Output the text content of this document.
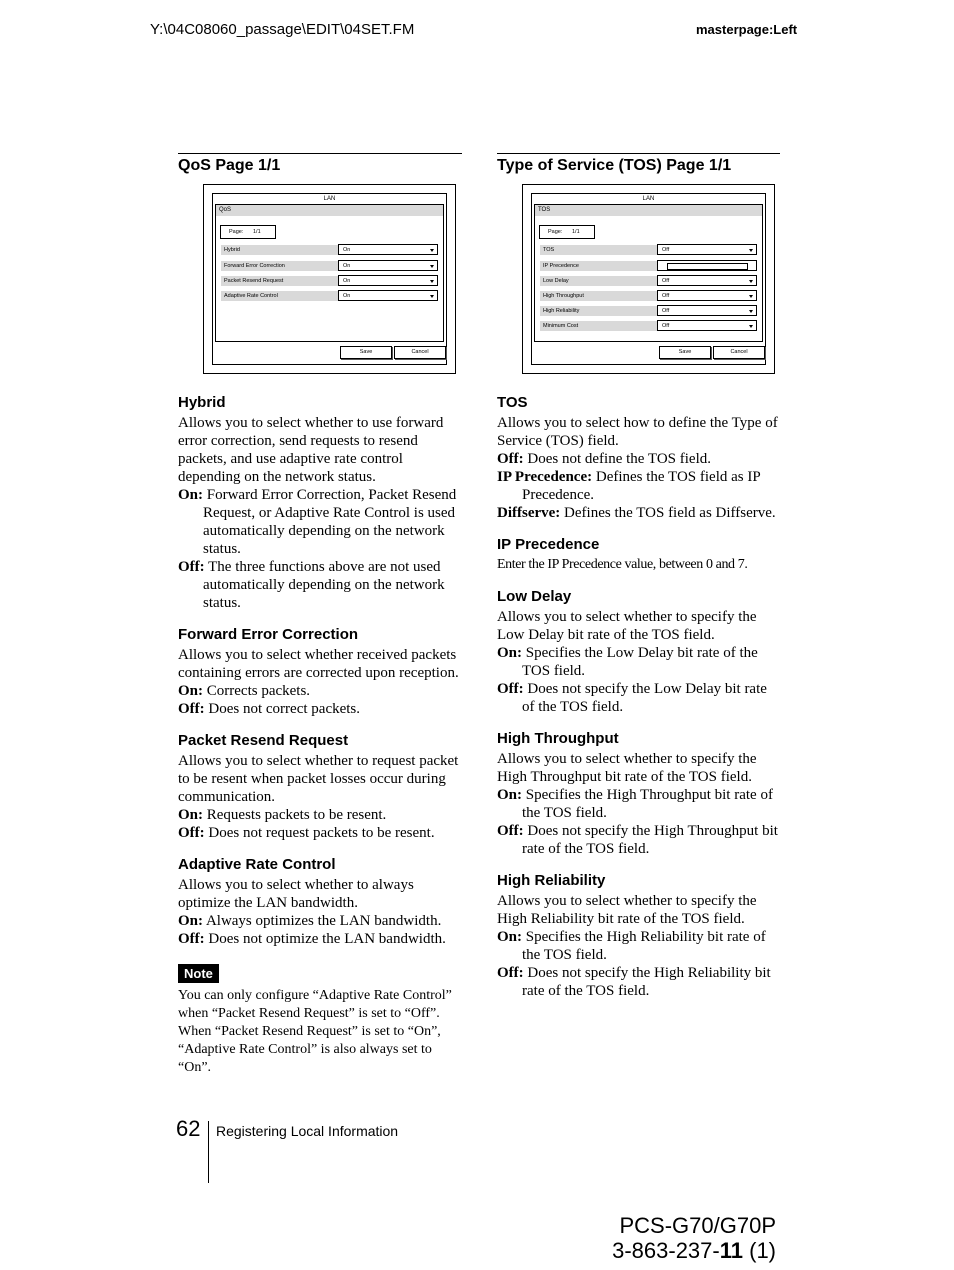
Y:\04C08060_passage\EDIT\04SET.FM	masterpage:Left
QoS Page 1/1
LAN
QoS
Page: 1/1
Hybrid	On
Forward Error Correction	On
Packet Resend Request	On
Adaptive Rate Control	On
Save	Cancel
Type of Service (TOS) Page 1/1
LAN
TOS
Page: 1/1
TOS	Off
IP Precedence
Low Delay	Off
High Throughput	Off
High Reliability	Off
Minimum Cost	Off
Save	Cancel
Hybrid

Allows you to select whether to use forward error correction, send requests to resend packets, and use adaptive rate control depending on the network status.

On: Forward Error Correction, Packet Resend Request, or Adaptive Rate Control is used automatically depending on the network status.

Off: The three functions above are not used automatically depending on the network status.

Forward Error Correction

Allows you to select whether received packets containing errors are corrected upon reception.

On: Corrects packets.

Off: Does not correct packets.

Packet Resend Request

Allows you to select whether to request packet to be resent when packet losses occur during communication.

On: Requests packets to be resent.

Off: Does not request packets to be resent.

Adaptive Rate Control

Allows you to select whether to always optimize the LAN bandwidth.

On: Always optimizes the LAN bandwidth.

Off: Does not optimize the LAN bandwidth.

Note

You can only configure “Adaptive Rate Control” when “Packet Resend Request” is set to “Off”. When “Packet Resend Request” is set to “On”, “Adaptive Rate Control” is also always set to “On”.

TOS

Allows you to select how to define the Type of Service (TOS) field.

Off: Does not define the TOS field.

IP Precedence: Defines the TOS field as IP Precedence.

Diffserve: Defines the TOS field as Diffserve.

IP Precedence

Enter the IP Precedence value, between 0 and 7.

Low Delay

Allows you to select whether to specify the Low Delay bit rate of the TOS field.

On: Specifies the Low Delay bit rate of the TOS field.

Off: Does not specify the Low Delay bit rate of the TOS field.

High Throughput

Allows you to select whether to specify the High Throughput bit rate of the TOS field.

On: Specifies the High Throughput bit rate of the TOS field.

Off: Does not specify the High Throughput bit rate of the TOS field.

High Reliability

Allows you to select whether to specify the High Reliability bit rate of the TOS field.

On: Specifies the High Reliability bit rate of the TOS field.

Off: Does not specify the High Reliability bit rate of the TOS field.

62 Registering Local Information
PCS-G70/G70P
3-863-237-11 (1)
